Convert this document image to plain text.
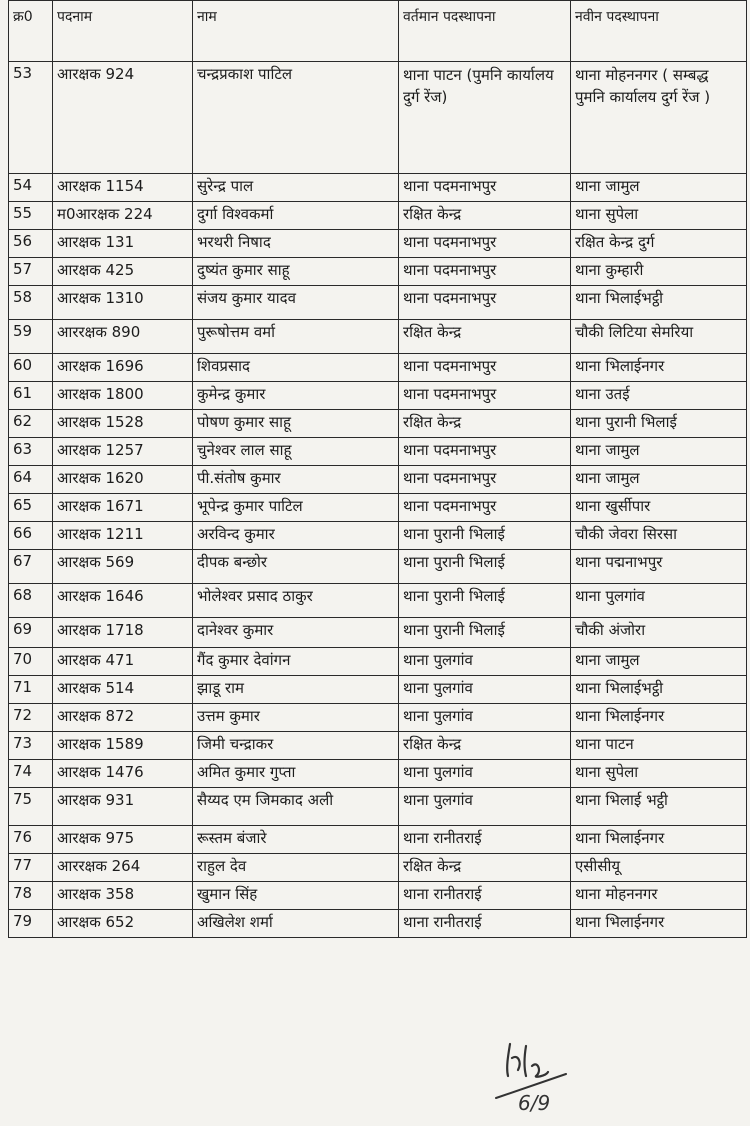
क्र0	पदनाम	नाम	वर्तमान पदस्थापना	नवीन पदस्थापना
53	आरक्षक 924	चन्द्रप्रकाश पाटिल	थाना पाटन (पुमनि कार्यालय दुर्ग रेंज)	थाना मोहननगर ( सम्बद्ध पुमनि कार्यालय दुर्ग रेंज )
54	आरक्षक 1154	सुरेन्द्र पाल	थाना पदमनाभपुर	थाना जामुल
55	म0आरक्षक 224	दुर्गा विश्वकर्मा	रक्षित केन्द्र	थाना सुपेला
56	आरक्षक 131	भरथरी निषाद	थाना पदमनाभपुर	रक्षित केन्द्र दुर्ग
57	आरक्षक 425	दुष्यंत कुमार साहू	थाना पदमनाभपुर	थाना कुम्हारी
58	आरक्षक 1310	संजय कुमार यादव	थाना पदमनाभपुर	थाना भिलाईभट्ठी
59	आररक्षक 890	पुरूषोत्तम वर्मा	रक्षित केन्द्र	चौकी लिटिया सेमरिया
60	आरक्षक 1696	शिवप्रसाद	थाना पदमनाभपुर	थाना भिलाईनगर
61	आरक्षक 1800	कुमेन्द्र कुमार	थाना पदमनाभपुर	थाना उतई
62	आरक्षक 1528	पोषण कुमार साहू	रक्षित केन्द्र	थाना पुरानी भिलाई
63	आरक्षक 1257	चुनेश्वर लाल साहू	थाना पदमनाभपुर	थाना जामुल
64	आरक्षक 1620	पी.संतोष कुमार	थाना पदमनाभपुर	थाना जामुल
65	आरक्षक 1671	भूपेन्द्र कुमार पाटिल	थाना पदमनाभपुर	थाना खुर्सीपार
66	आरक्षक 1211	अरविन्द कुमार	थाना पुरानी भिलाई	चौकी जेवरा सिरसा
67	आरक्षक 569	दीपक बन्छोर	थाना पुरानी भिलाई	थाना पद्मनाभपुर
68	आरक्षक 1646	भोलेश्वर प्रसाद ठाकुर	थाना पुरानी भिलाई	थाना पुलगांव
69	आरक्षक 1718	दानेश्वर कुमार	थाना पुरानी भिलाई	चौकी अंजोरा
70	आरक्षक 471	गैंद कुमार देवांगन	थाना पुलगांव	थाना जामुल
71	आरक्षक 514	झाडू राम	थाना पुलगांव	थाना भिलाईभट्ठी
72	आरक्षक 872	उत्तम कुमार	थाना पुलगांव	थाना भिलाईनगर
73	आरक्षक 1589	जिमी चन्द्राकर	रक्षित केन्द्र	थाना पाटन
74	आरक्षक 1476	अमित कुमार गुप्ता	थाना पुलगांव	थाना सुपेला
75	आरक्षक 931	सैय्यद एम जिमकाद अली	थाना पुलगांव	थाना भिलाई भट्ठी
76	आरक्षक 975	रूस्तम बंजारे	थाना रानीतराई	थाना भिलाईनगर
77	आररक्षक 264	राहुल देव	रक्षित केन्द्र	एसीसीयू
78	आरक्षक 358	खुमान सिंह	थाना रानीतराई	थाना मोहननगर
79	आरक्षक 652	अखिलेश शर्मा	थाना रानीतराई	थाना भिलाईनगर
6/9
